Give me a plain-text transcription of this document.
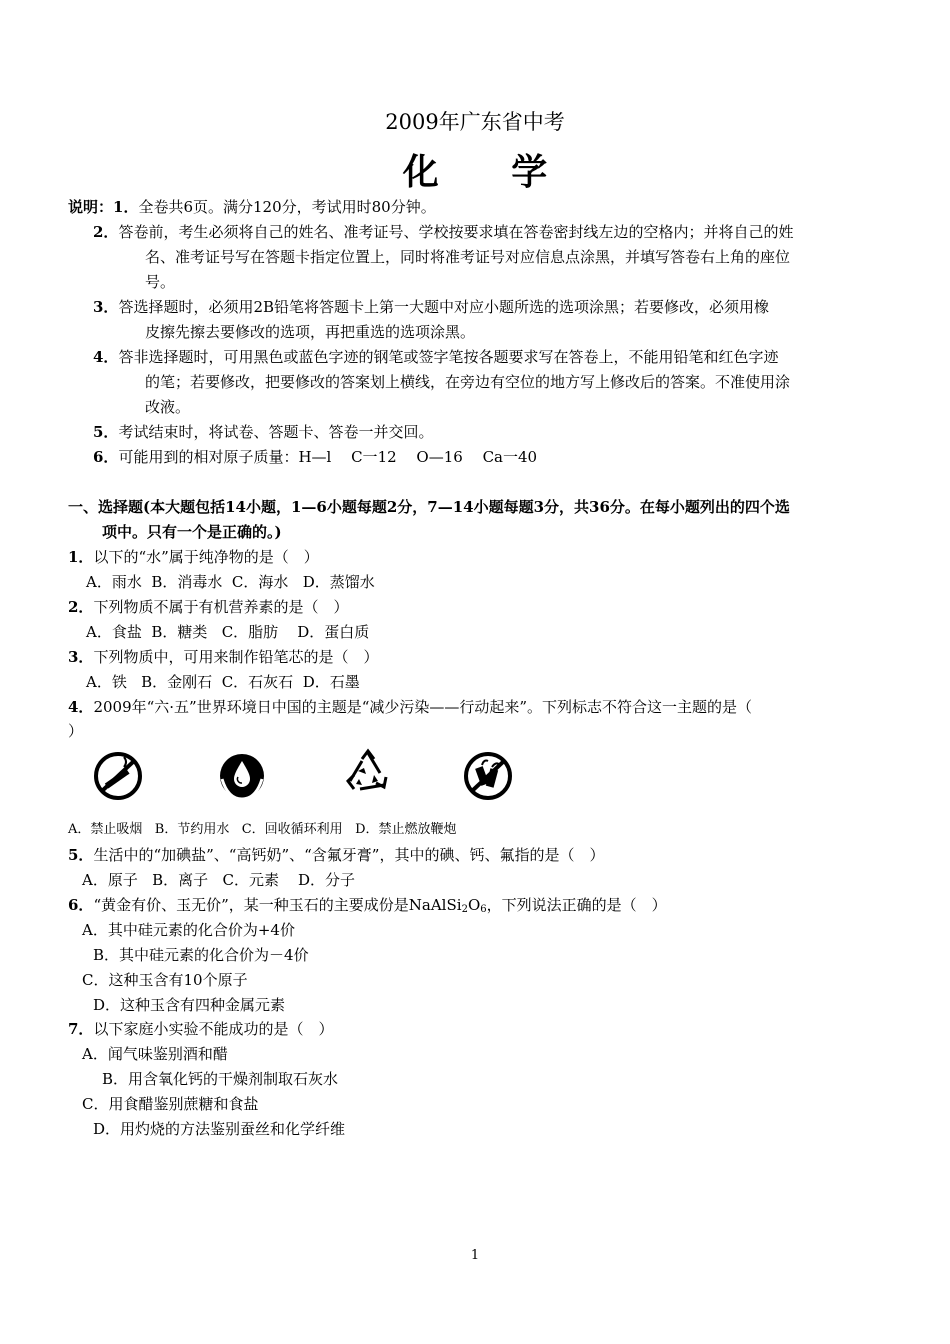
2009年广东省中考
化 学
说明：1．全卷共6页。满分120分，考试用时80分钟。
2．答卷前，考生必须将自己的姓名、准考证号、学校按要求填在答卷密封线左边的空格内；并将自己的姓
名、准考证号写在答题卡指定位置上，同时将准考证号对应信息点涂黑，并填写答卷右上角的座位
号。
3．答选择题时，必须用2B铅笔将答题卡上第一大题中对应小题所选的选项涂黑；若要修改，必须用橡
皮擦先擦去要修改的选项，再把重选的选项涂黑。
4．答非选择题时，可用黑色或蓝色字迹的钢笔或签字笔按各题要求写在答卷上，不能用铅笔和红色字迹
的笔；若要修改，把要修改的答案划上横线，在旁边有空位的地方写上修改后的答案。不准使用涂
改液。
5．考试结束时，将试卷、答题卡、答卷一并交回。
6．可能用到的相对原子质量：H—l　 C一12　 O—16　 Ca一40
一、选择题(本大题包括14小题，1—6小题每题2分，7—14小题每题3分，共36分。在每小题列出的四个选
项中。只有一个是正确的。)
1．以下的“水”属于纯净物的是（　）
A．雨水  B．消毒水  C．海水   D．蒸馏水
2．下列物质不属于有机营养素的是（　）
A．食盐  B．糖类   C．脂肪    D．蛋白质
3．下列物质中，可用来制作铅笔芯的是（　）
A．铁   B．金刚石  C．石灰石  D．石墨
4．2009年“六·五”世界环境日中国的主题是“减少污染——行动起来”。下列标志不符合这一主题的是（
）
A．禁止吸烟   B．节约用水   C．回收循环利用   D．禁止燃放鞭炮
5．生活中的“加碘盐”、“高钙奶”、“含氟牙膏”，其中的碘、钙、氟指的是（　）
A．原子   B．离子   C．元素    D．分子
6．“黄金有价、玉无价”，某一种玉石的主要成份是$NaAlSi_2O_6$，下列说法正确的是（　）
A．其中硅元素的化合价为+4价
B．其中硅元素的化合价为－4价
C．这种玉含有10个原子
D．这种玉含有四种金属元素
7．以下家庭小实验不能成功的是（　）
A．闻气味鉴别酒和醋
B．用含氧化钙的干燥剂制取石灰水
C．用食醋鉴别蔗糖和食盐
D．用灼烧的方法鉴别蚕丝和化学纤维
1
